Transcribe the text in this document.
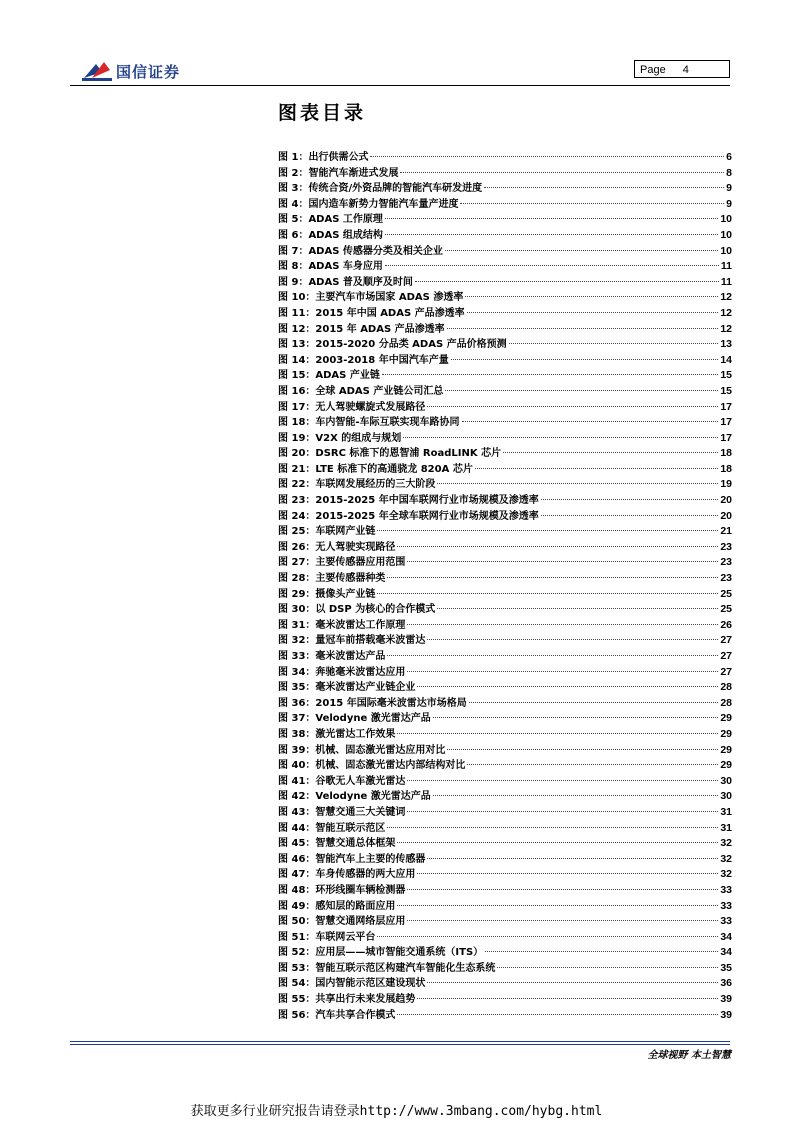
国信证券	Page 4
图表目录
图 1：出行供需公式	6
图 2：智能汽车渐进式发展	8
图 3：传统合资/外资品牌的智能汽车研发进度	9
图 4：国内造车新势力智能汽车量产进度	9
图 5：ADAS 工作原理	10
图 6：ADAS 组成结构	10
图 7：ADAS 传感器分类及相关企业	10
图 8：ADAS 车身应用	11
图 9：ADAS 普及顺序及时间	11
图 10：主要汽车市场国家 ADAS 渗透率	12
图 11：2015 年中国 ADAS 产品渗透率	12
图 12：2015 年 ADAS 产品渗透率	12
图 13：2015-2020 分品类 ADAS 产品价格预测	13
图 14：2003-2018 年中国汽车产量	14
图 15：ADAS 产业链	15
图 16：全球 ADAS 产业链公司汇总	15
图 17：无人驾驶螺旋式发展路径	17
图 18：车内智能-车际互联实现车路协同	17
图 19：V2X 的组成与规划	17
图 20：DSRC 标准下的恩智浦 RoadLINK 芯片	18
图 21：LTE 标准下的高通骁龙 820A 芯片	18
图 22：车联网发展经历的三大阶段	19
图 23：2015-2025 年中国车联网行业市场规模及渗透率	20
图 24：2015-2025 年全球车联网行业市场规模及渗透率	20
图 25：车联网产业链	21
图 26：无人驾驶实现路径	23
图 27：主要传感器应用范围	23
图 28：主要传感器种类	23
图 29：摄像头产业链	25
图 30：以 DSP 为核心的合作模式	25
图 31：毫米波雷达工作原理	26
图 32：量冠车前搭载毫米波雷达	27
图 33：毫米波雷达产品	27
图 34：奔驰毫米波雷达应用	27
图 35：毫米波雷达产业链企业	28
图 36：2015 年国际毫米波雷达市场格局	28
图 37：Velodyne 激光雷达产品	29
图 38：激光雷达工作效果	29
图 39：机械、固态激光雷达应用对比	29
图 40：机械、固态激光雷达内部结构对比	29
图 41：谷歌无人车激光雷达	30
图 42：Velodyne 激光雷达产品	30
图 43：智慧交通三大关键词	31
图 44：智能互联示范区	31
图 45：智慧交通总体框架	32
图 46：智能汽车上主要的传感器	32
图 47：车身传感器的两大应用	32
图 48：环形线圈车辆检测器	33
图 49：感知层的路面应用	33
图 50：智慧交通网络层应用	33
图 51：车联网云平台	34
图 52：应用层——城市智能交通系统（ITS）	34
图 53：智能互联示范区构建汽车智能化生态系统	35
图 54：国内智能示范区建设现状	36
图 55：共享出行未来发展趋势	39
图 56：汽车共享合作模式	39
全球视野 本土智慧
获取更多行业研究报告请登录http://www.3mbang.com/hybg.html
